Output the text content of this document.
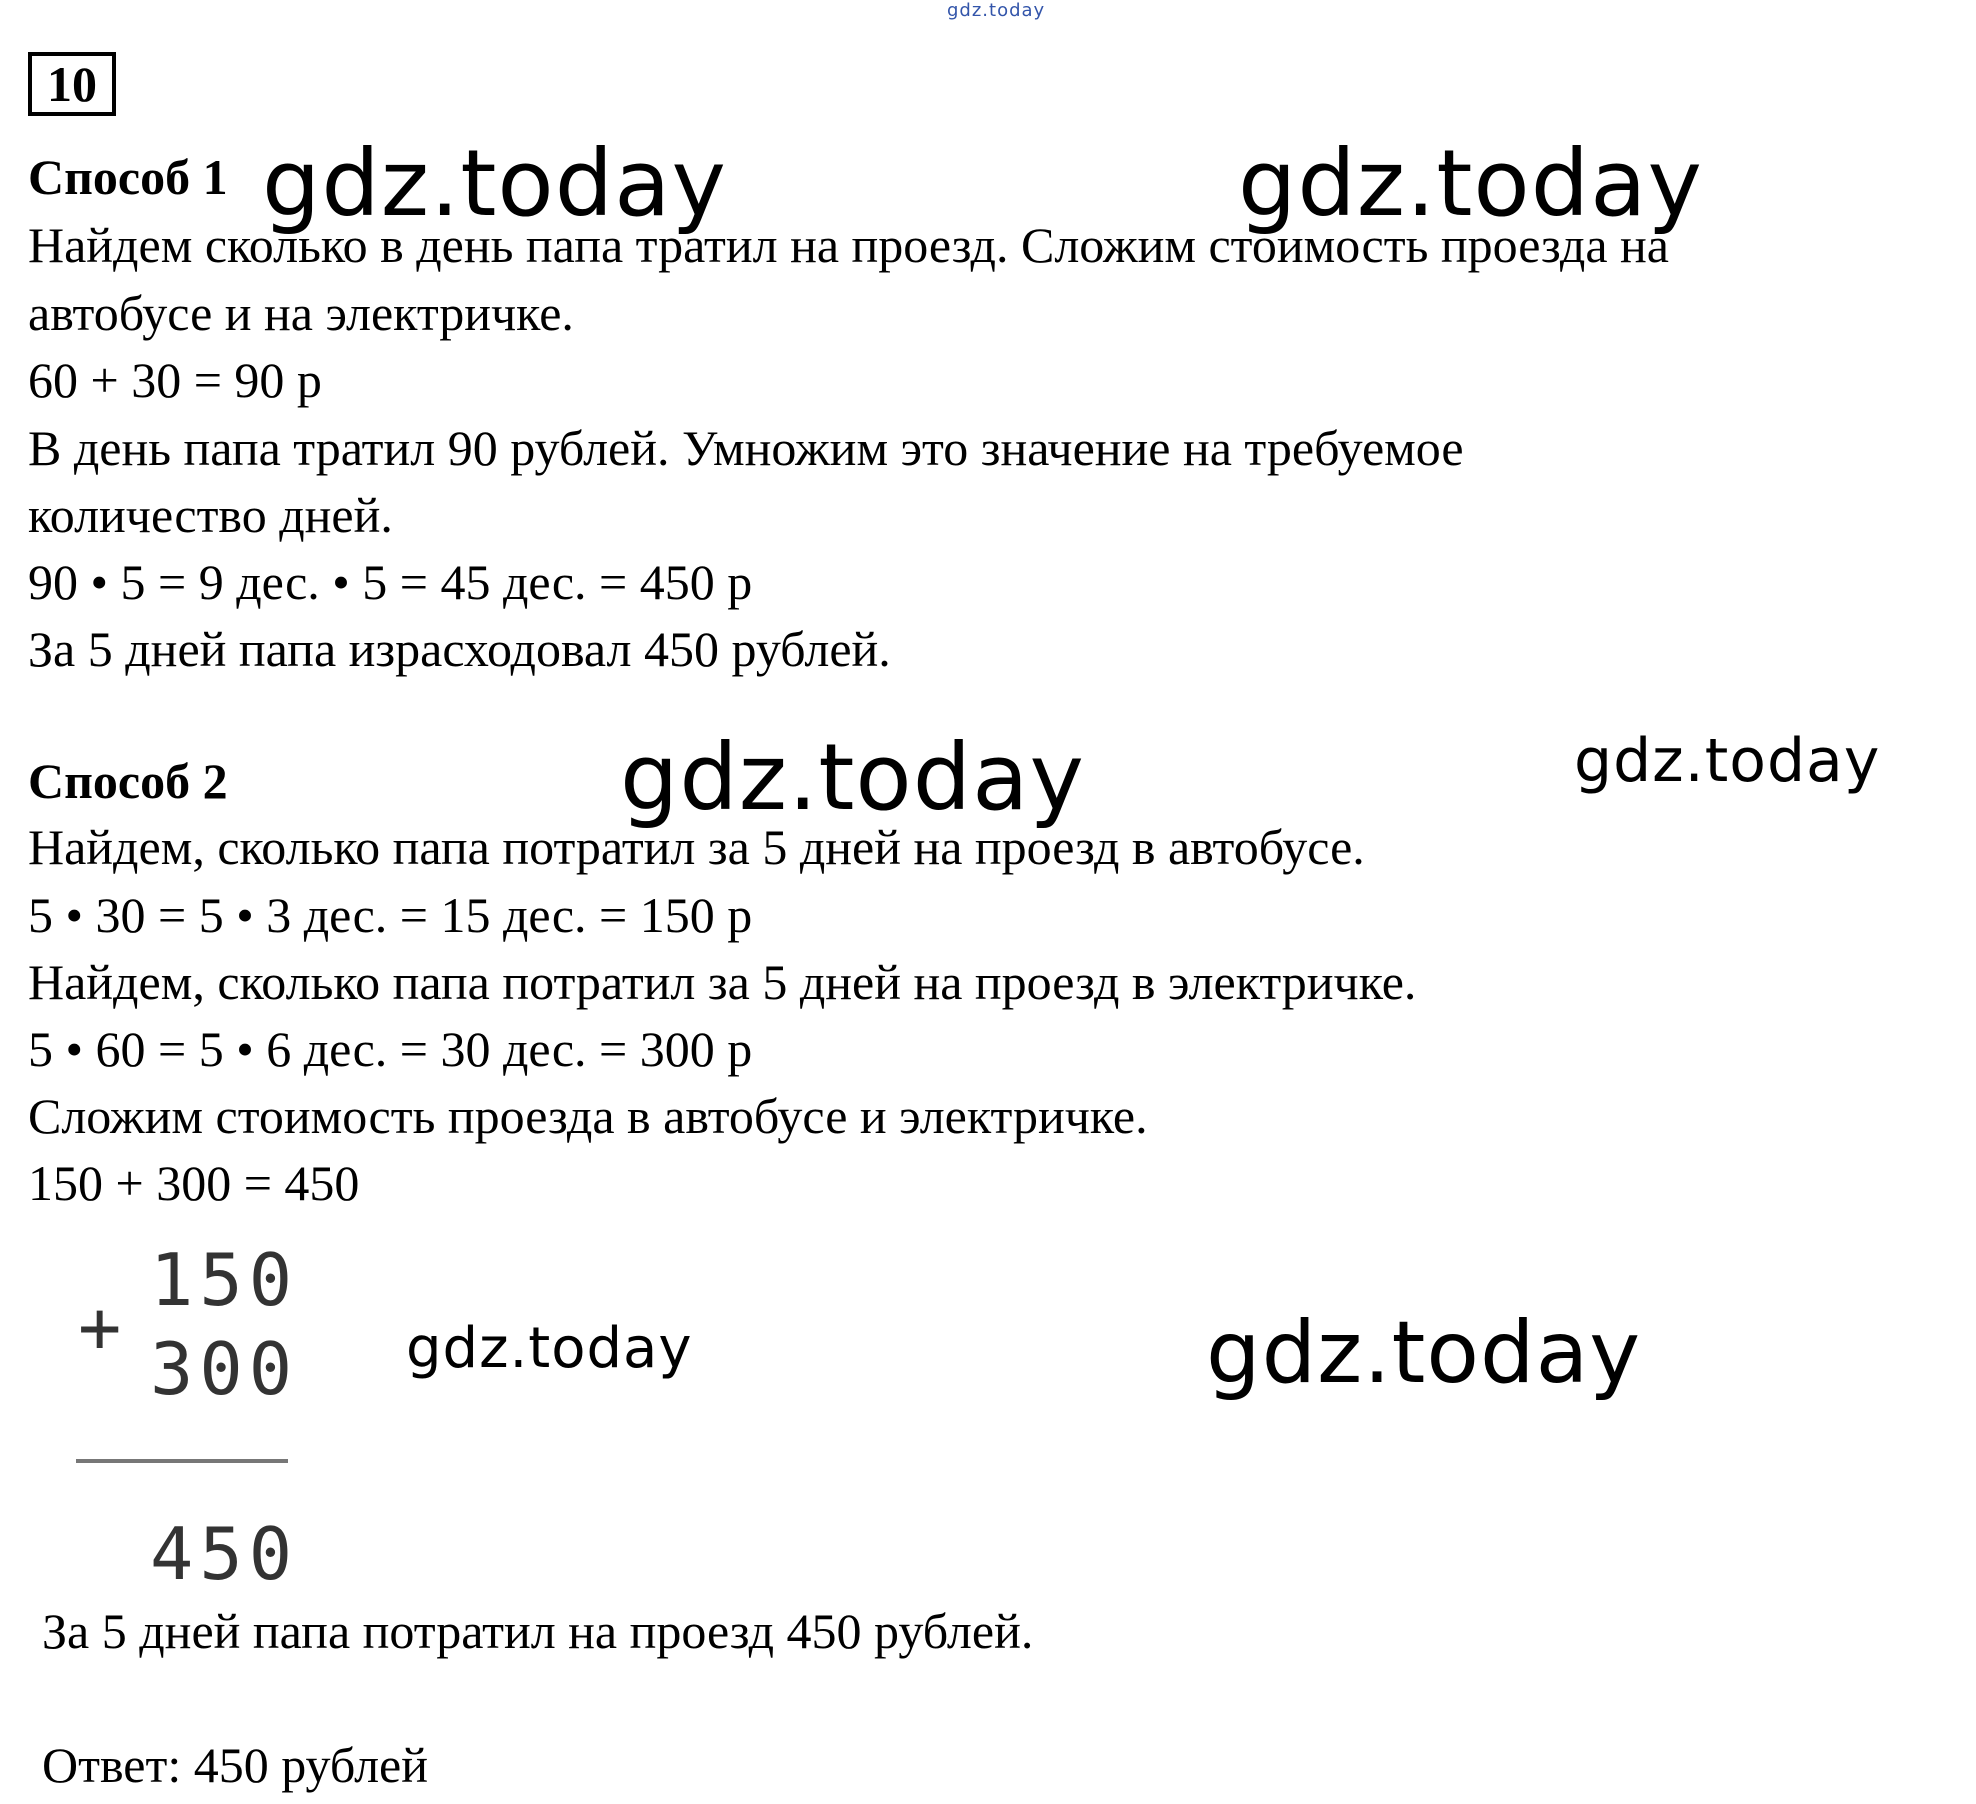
gdz.today
10
Способ 1
Найдем сколько в день папа тратил на проезд. Сложим стоимость проезда на
автобусе и на электричке.
60 + 30 = 90 р
В день папа тратил 90 рублей. Умножим это значение на требуемое
количество дней.
90 • 5 = 9 дес. • 5 = 45 дес. = 450 р
За 5 дней папа израсходовал 450 рублей.
Способ 2
Найдем, сколько папа потратил за 5 дней на проезд в автобусе.
5 • 30 = 5 • 3 дес. = 15 дес. = 150 р
Найдем, сколько папа потратил за 5 дней на проезд в электричке.
5 • 60 = 5 • 6 дес. = 30 дес. = 300 р
Сложим стоимость проезда в автобусе и электричке.
150 + 300 = 450
+
150
300
450
За 5 дней папа потратил на проезд 450 рублей.
Ответ: 450 рублей
gdz.today	gdz.today
gdz.today	gdz.today
gdz.today	gdz.today
